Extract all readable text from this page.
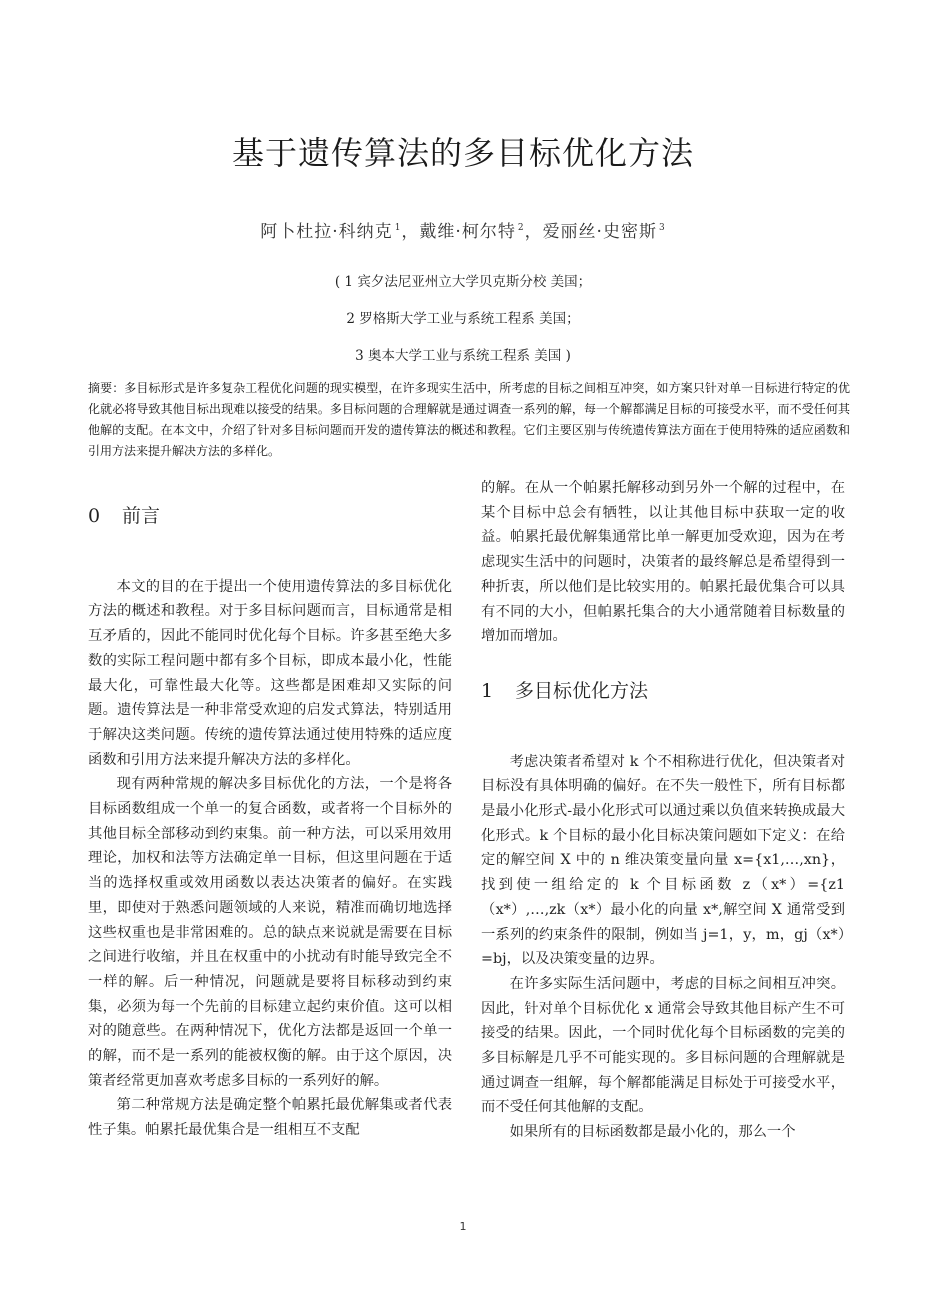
基于遗传算法的多目标优化方法
阿卜杜拉·科纳克 $^1$，戴维·柯尔特 $^2$，爱丽丝·史密斯 $^3$
( 1 宾夕法尼亚州立大学贝克斯分校 美国；
2 罗格斯大学工业与系统工程系 美国；
3 奥本大学工业与系统工程系 美国 )
摘要：多目标形式是许多复杂工程优化问题的现实模型，在许多现实生活中，所考虑的目标之间相互冲突，如方案只针对单一目标进行特定的优化就必将导致其他目标出现难以接受的结果。多目标问题的合理解就是通过调查一系列的解，每一个解都满足目标的可接受水平，而不受任何其他解的支配。在本文中，介绍了针对多目标问题而开发的遗传算法的概述和教程。它们主要区别与传统遗传算法方面在于使用特殊的适应函数和引用方法来提升解决方法的多样化。
0 前言

本文的目的在于提出一个使用遗传算法的多目标优化方法的概述和教程。对于多目标问题而言，目标通常是相互矛盾的，因此不能同时优化每个目标。许多甚至绝大多数的实际工程问题中都有多个目标，即成本最小化，性能最大化，可靠性最大化等。这些都是困难却又实际的问题。遗传算法是一种非常受欢迎的启发式算法，特别适用于解决这类问题。传统的遗传算法通过使用特殊的适应度函数和引用方法来提升解决方法的多样化。

现有两种常规的解决多目标优化的方法，一个是将各目标函数组成一个单一的复合函数，或者将一个目标外的其他目标全部移动到约束集。前一种方法，可以采用效用理论，加权和法等方法确定单一目标，但这里问题在于适当的选择权重或效用函数以表达决策者的偏好。在实践里，即使对于熟悉问题领域的人来说，精准而确切地选择这些权重也是非常困难的。总的缺点来说就是需要在目标之间进行收缩，并且在权重中的小扰动有时能导致完全不一样的解。后一种情况，问题就是要将目标移动到约束集，必须为每一个先前的目标建立起约束价值。这可以相对的随意些。在两种情况下，优化方法都是返回一个单一的解，而不是一系列的能被权衡的解。由于这个原因，决策者经常更加喜欢考虑多目标的一系列好的解。

第二种常规方法是确定整个帕累托最优解集或者代表性子集。帕累托最优集合是一组相互不支配

的解。在从一个帕累托解移动到另外一个解的过程中，在某个目标中总会有牺牲，以让其他目标中获取一定的收益。帕累托最优解集通常比单一解更加受欢迎，因为在考虑现实生活中的问题时，决策者的最终解总是希望得到一种折衷，所以他们是比较实用的。帕累托最优集合可以具有不同的大小，但帕累托集合的大小通常随着目标数量的增加而增加。

1 多目标优化方法

考虑决策者希望对 k 个不相称进行优化，但决策者对目标没有具体明确的偏好。在不失一般性下，所有目标都是最小化形式-最小化形式可以通过乘以负值来转换成最大化形式。k 个目标的最小化目标决策问题如下定义：在给定的解空间 X 中的 n 维决策变量向量 x={x1,…,xn}，找到使一组给定的 k 个目标函数 z（x*）={z1（x*）,…,zk（x*）最小化的向量 x*,解空间 X 通常受到一系列的约束条件的限制，例如当 j=1，y，m，gj（x*）=bj，以及决策变量的边界。

在许多实际生活问题中，考虑的目标之间相互冲突。因此，针对单个目标优化 x 通常会导致其他目标产生不可接受的结果。因此，一个同时优化每个目标函数的完美的多目标解是几乎不可能实现的。多目标问题的合理解就是通过调查一组解，每个解都能满足目标处于可接受水平，而不受任何其他解的支配。

如果所有的目标函数都是最小化的，那么一个

1
